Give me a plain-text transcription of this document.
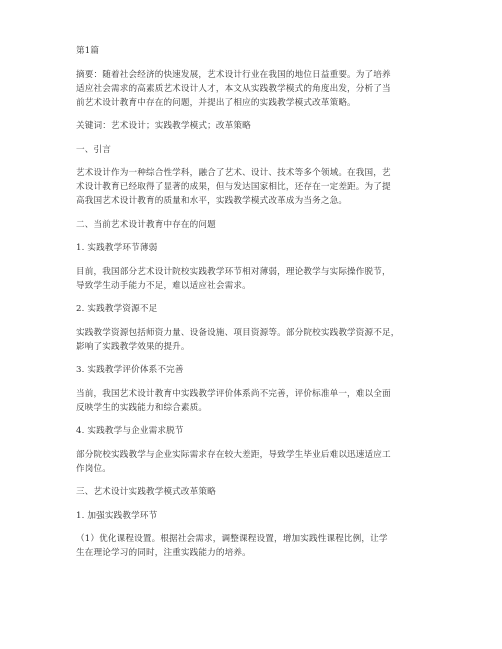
第1篇
摘要：随着社会经济的快速发展，艺术设计行业在我国的地位日益重要。为了培养
适应社会需求的高素质艺术设计人才，本文从实践教学模式的角度出发，分析了当
前艺术设计教育中存在的问题，并提出了相应的实践教学模式改革策略。
关键词：艺术设计；实践教学模式；改革策略
一、引言
艺术设计作为一种综合性学科，融合了艺术、设计、技术等多个领域。在我国，艺
术设计教育已经取得了显著的成果，但与发达国家相比，还存在一定差距。为了提
高我国艺术设计教育的质量和水平，实践教学模式改革成为当务之急。
二、当前艺术设计教育中存在的问题
1. 实践教学环节薄弱
目前，我国部分艺术设计院校实践教学环节相对薄弱，理论教学与实际操作脱节，
导致学生动手能力不足，难以适应社会需求。
2. 实践教学资源不足
实践教学资源包括师资力量、设备设施、项目资源等。部分院校实践教学资源不足，
影响了实践教学效果的提升。
3. 实践教学评价体系不完善
当前，我国艺术设计教育中实践教学评价体系尚不完善，评价标准单一，难以全面
反映学生的实践能力和综合素质。
4. 实践教学与企业需求脱节
部分院校实践教学与企业实际需求存在较大差距，导致学生毕业后难以迅速适应工
作岗位。
三、艺术设计实践教学模式改革策略
1. 加强实践教学环节
（1）优化课程设置。根据社会需求，调整课程设置，增加实践性课程比例，让学
生在理论学习的同时，注重实践能力的培养。
